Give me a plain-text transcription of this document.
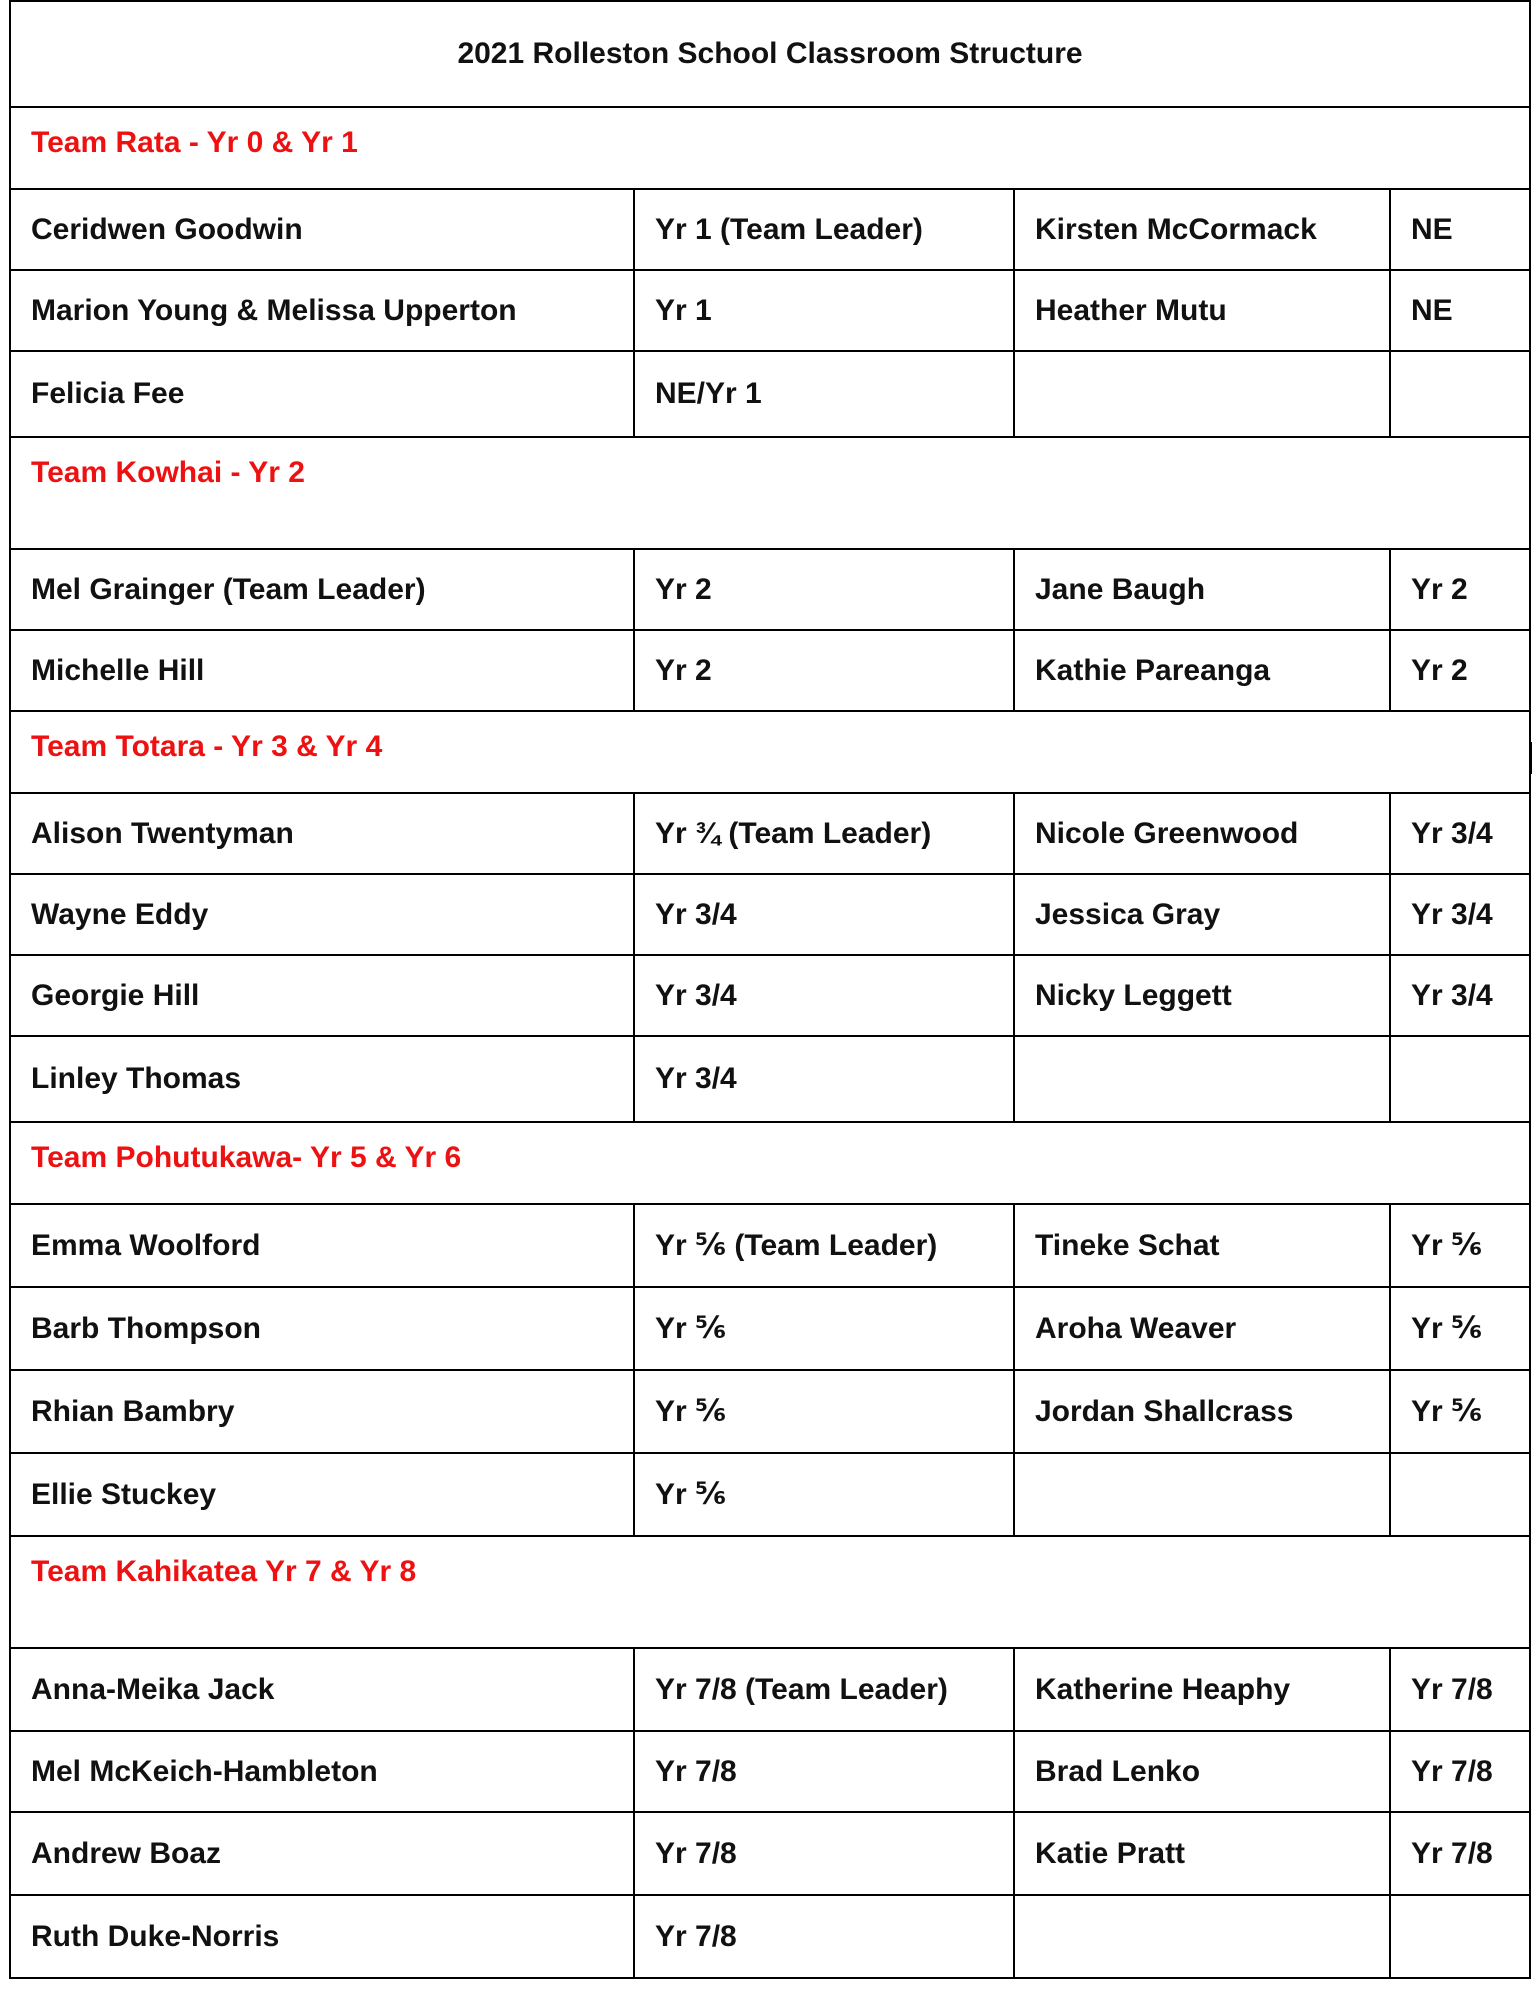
2021 Rolleston School Classroom Structure			
Team Rata - Yr 0 & Yr 1			
Ceridwen Goodwin	Yr 1 (Team Leader)	Kirsten McCormack	NE
Marion Young & Melissa Upperton	Yr 1	Heather Mutu	NE
Felicia Fee	NE/Yr 1		
Team Kowhai - Yr 2			
Mel Grainger (Team Leader)	Yr 2	Jane Baugh	Yr 2
Michelle Hill	Yr 2	Kathie Pareanga	Yr 2
Team Totara - Yr 3 & Yr 4			
Alison Twentyman	Yr ¾ (Team Leader)	Nicole Greenwood	Yr 3/4
Wayne Eddy	Yr 3/4	Jessica Gray	Yr 3/4
Georgie Hill	Yr 3/4	Nicky Leggett	Yr 3/4
Linley Thomas	Yr 3/4		
Team Pohutukawa- Yr 5 & Yr 6			
Emma Woolford	Yr ⅚ (Team Leader)	Tineke Schat	Yr ⅚
Barb Thompson	Yr ⅚	Aroha Weaver	Yr ⅚
Rhian Bambry	Yr ⅚	Jordan Shallcrass	Yr ⅚
Ellie Stuckey	Yr ⅚		
Team Kahikatea Yr 7 & Yr 8			
Anna-Meika Jack	Yr 7/8 (Team Leader)	Katherine Heaphy	Yr 7/8
Mel McKeich-Hambleton	Yr 7/8	Brad Lenko	Yr 7/8
Andrew Boaz	Yr 7/8	Katie Pratt	Yr 7/8
Ruth Duke-Norris	Yr 7/8		
